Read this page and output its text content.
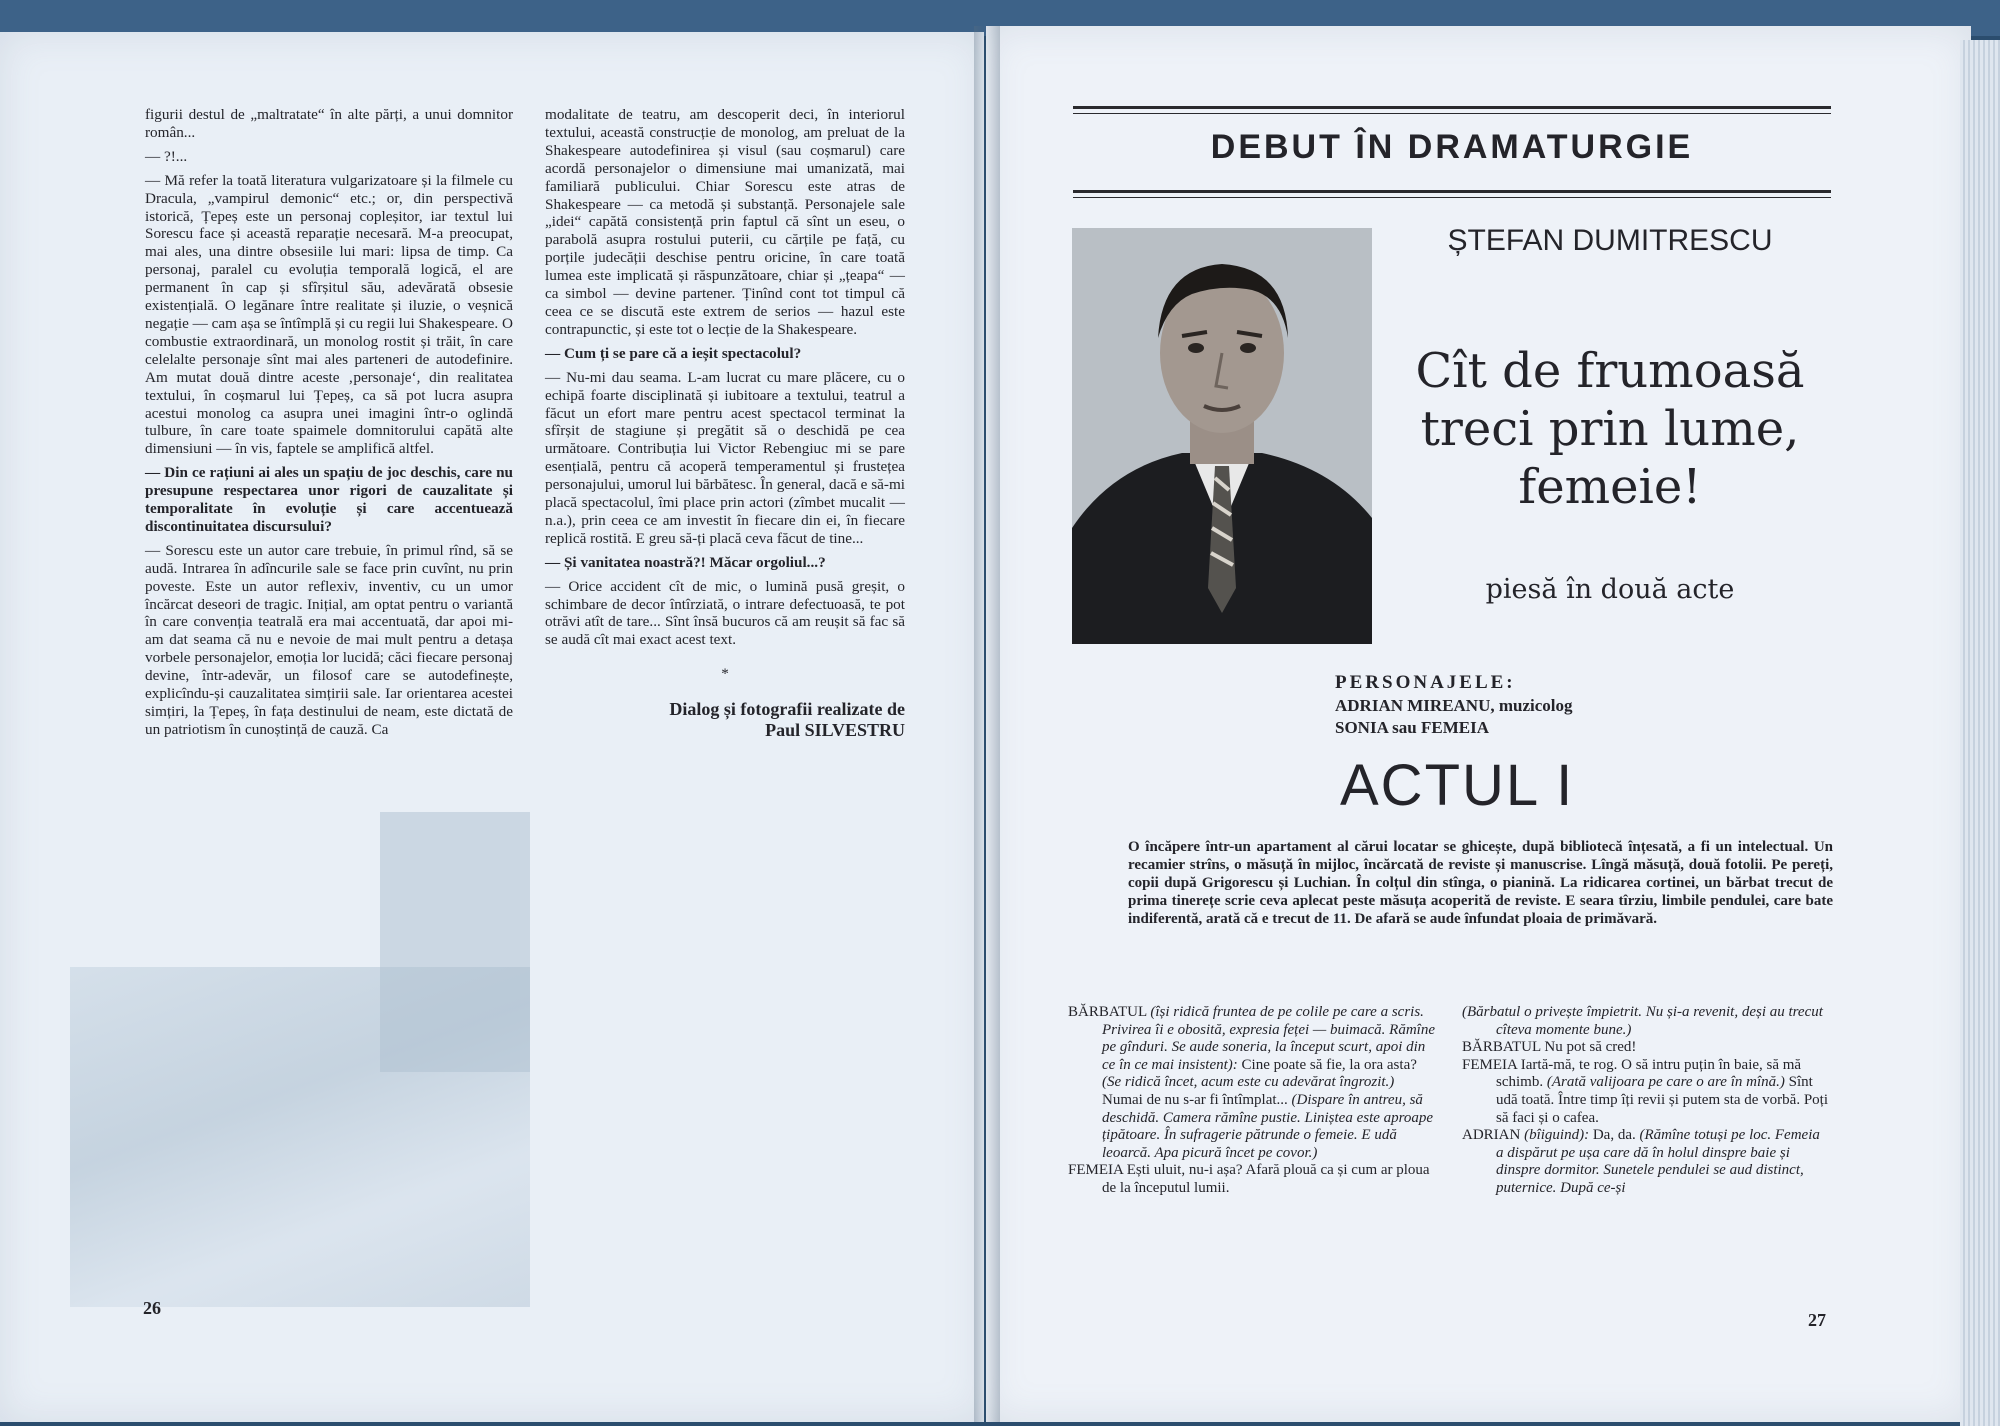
figurii destul de „maltratate“ în alte părți, a unui domnitor român...

— ?!...

— Mă refer la toată literatura vulgarizatoare și la filmele cu Dracula, „vampirul demonic“ etc.; or, din perspectivă istorică, Țepeș este un personaj copleșitor, iar textul lui Sorescu face și această reparație necesară. M-a preocupat, mai ales, una dintre obsesiile lui mari: lipsa de timp. Ca personaj, paralel cu evoluția temporală logică, el are permanent în cap și sfîrșitul său, adevărată obsesie existențială. O legănare între realitate și iluzie, o veșnică negație — cam așa se întîmplă și cu regii lui Shakespeare. O combustie extraordinară, un monolog rostit și trăit, în care celelalte personaje sînt mai ales parteneri de autodefinire. Am mutat două dintre aceste ‚personaje‘, din realitatea textului, în coșmarul lui Țepeș, ca să pot lucra asupra acestui monolog ca asupra unei imagini într-o oglindă tulbure, în care toate spaimele domnitorului capătă alte dimensiuni — în vis, faptele se amplifică altfel.

— Din ce rațiuni ai ales un spațiu de joc deschis, care nu presupune respectarea unor rigori de cauzalitate și temporalitate în evoluție și care accentuează discontinuitatea discursului?

— Sorescu este un autor care trebuie, în primul rînd, să se audă. Intrarea în adîncurile sale se face prin cuvînt, nu prin poveste. Este un autor reflexiv, inventiv, cu un umor încărcat deseori de tragic. Inițial, am optat pentru o variantă în care convenția teatrală era mai accentuată, dar apoi mi-am dat seama că nu e nevoie de mai mult pentru a detașa vorbele personajelor, emoția lor lucidă; căci fiecare personaj devine, într-adevăr, un filosof care se autodefinește, explicîndu-și cauzalitatea simțirii sale. Iar orientarea acestei simțiri, la Țepeș, în fața destinului de neam, este dictată de un patriotism în cunoștință de cauză. Ca

modalitate de teatru, am descoperit deci, în interiorul textului, această construcție de monolog, am preluat de la Shakespeare autodefinirea și visul (sau coșmarul) care acordă personajelor o dimensiune mai umanizată, mai familiară publicului. Chiar Sorescu este atras de Shakespeare — ca metodă și substanță. Personajele sale „idei“ capătă consistență prin faptul că sînt un eseu, o parabolă asupra rostului puterii, cu cărțile pe față, cu porțile judecății deschise pentru oricine, în care toată lumea este implicată și răspunzătoare, chiar și „țeapa“ — ca simbol — devine partener. Ținînd cont tot timpul că ceea ce se discută este extrem de serios — hazul este contrapunctic, și este tot o lecție de la Shakespeare.

— Cum ți se pare că a ieșit spectacolul?

— Nu-mi dau seama. L-am lucrat cu mare plăcere, cu o echipă foarte disciplinată și iubitoare a textului, teatrul a făcut un efort mare pentru acest spectacol terminat la sfîrșit de stagiune și pregătit să o deschidă pe cea următoare. Contribuția lui Victor Rebengiuc mi se pare esențială, pentru că acoperă temperamentul și frustețea personajului, umorul lui bărbătesc. În general, dacă e să-mi placă spectacolul, îmi place prin actori (zîmbet mucalit — n.a.), prin ceea ce am investit în fiecare din ei, în fiecare replică rostită. E greu să-ți placă ceva făcut de tine...

— Și vanitatea noastră?! Măcar orgoliul...?

— Orice accident cît de mic, o lumină pusă greșit, o schimbare de decor întîrziată, o intrare defectuoasă, te pot otrăvi atît de tare... Sînt însă bucuros că am reușit să fac să se audă cît mai exact acest text.

*
Dialog și fotografii realizate de
Paul SILVESTRU
26
DEBUT ÎN DRAMATURGIE
ȘTEFAN DUMITRESCU
Cît de frumoasă
treci prin lume,
femeie!
piesă în două acte
PERSONAJELE:
ADRIAN MIREANU, muzicolog
SONIA sau FEMEIA
ACTUL I
O încăpere într-un apartament al cărui locatar se ghicește, după bibliotecă înțesată, a fi un intelectual. Un recamier strîns, o măsuță în mijloc, încărcată de reviste și manuscrise. Lîngă măsuță, două fotolii. Pe pereți, copii după Grigorescu și Luchian. În colțul din stînga, o pianină. La ridicarea cortinei, un bărbat trecut de prima tinerețe scrie ceva aplecat peste măsuța acoperită de reviste. E seara tîrziu, limbile pendulei, care bate indiferentă, arată că e trecut de 11. De afară se aude înfundat ploaia de primăvară.

BĂRBATUL (își ridică fruntea de pe colile pe care a scris. Privirea îi e obosită, expresia feței — buimacă. Rămîne pe gînduri. Se aude soneria, la început scurt, apoi din ce în ce mai insistent): Cine poate să fie, la ora asta? (Se ridică încet, acum este cu adevărat îngrozit.) Numai de nu s-ar fi întîmplat... (Dispare în antreu, să deschidă. Camera rămîne pustie. Liniștea este aproape țipătoare. În sufragerie pătrunde o femeie. E udă leoarcă. Apa picură încet pe covor.)

FEMEIA Ești uluit, nu-i așa? Afară plouă ca și cum ar ploua de la începutul lumii.

(Bărbatul o privește împietrit. Nu și-a revenit, deși au trecut cîteva momente bune.)

BĂRBATUL Nu pot să cred!

FEMEIA Iartă-mă, te rog. O să intru puțin în baie, să mă schimb. (Arată valijoara pe care o are în mînă.) Sînt udă toată. Între timp îți revii și putem sta de vorbă. Poți să faci și o cafea.

ADRIAN (bîiguind): Da, da. (Rămîne totuși pe loc. Femeia a dispărut pe ușa care dă în holul dinspre baie și dinspre dormitor. Sunetele pendulei se aud distinct, puternice. După ce-și

27
